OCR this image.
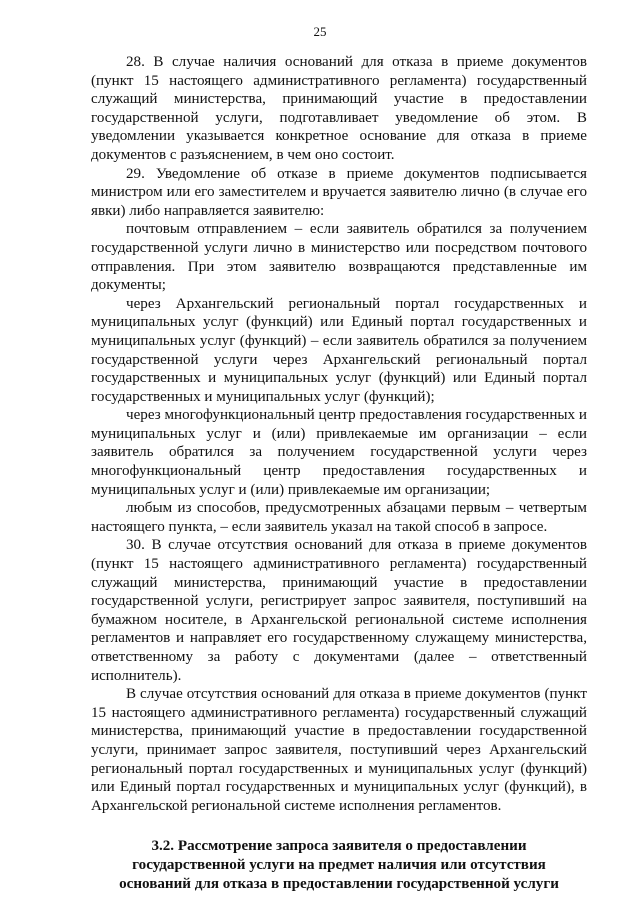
25

28. В случае наличия оснований для отказа в приеме документов (пункт 15 настоящего административного регламента) государственный служащий министерства, принимающий участие в предоставлении государственной услуги, подготавливает уведомление об этом. В уведомлении указывается конкретное основание для отказа в приеме документов с разъяснением, в чем оно состоит.

29. Уведомление об отказе в приеме документов подписывается министром или его заместителем и вручается заявителю лично (в случае его явки) либо направляется заявителю:

почтовым отправлением – если заявитель обратился за получением государственной услуги лично в министерство или посредством почтового отправления. При этом заявителю возвращаются представленные им документы;

через Архангельский региональный портал государственных и муниципальных услуг (функций) или Единый портал государственных и муниципальных услуг (функций) – если заявитель обратился за получением государственной услуги через Архангельский региональный портал государственных и муниципальных услуг (функций) или Единый портал государственных и муниципальных услуг (функций);

через многофункциональный центр предоставления государственных и муниципальных услуг и (или) привлекаемые им организации – если заявитель обратился за получением государственной услуги через многофункциональный центр предоставления государственных и муниципальных услуг и (или) привлекаемые им организации;

любым из способов, предусмотренных абзацами первым – четвертым настоящего пункта, – если заявитель указал на такой способ в запросе.

30. В случае отсутствия оснований для отказа в приеме документов (пункт 15 настоящего административного регламента) государственный служащий министерства, принимающий участие в предоставлении государственной услуги, регистрирует запрос заявителя, поступивший на бумажном носителе, в Архангельской региональной системе исполнения регламентов и направляет его государственному служащему министерства, ответственному за работу с документами (далее – ответственный исполнитель).

В случае отсутствия оснований для отказа в приеме документов (пункт 15 настоящего административного регламента) государственный служащий министерства, принимающий участие в предоставлении государственной услуги, принимает запрос заявителя, поступивший через Архангельский региональный портал государственных и муниципальных услуг (функций) или Единый портал государственных и муниципальных услуг (функций), в Архангельской региональной системе исполнения регламентов.

3.2. Рассмотрение запроса заявителя о предоставлении государственной услуги на предмет наличия или отсутствия оснований для отказа в предоставлении государственной услуги
